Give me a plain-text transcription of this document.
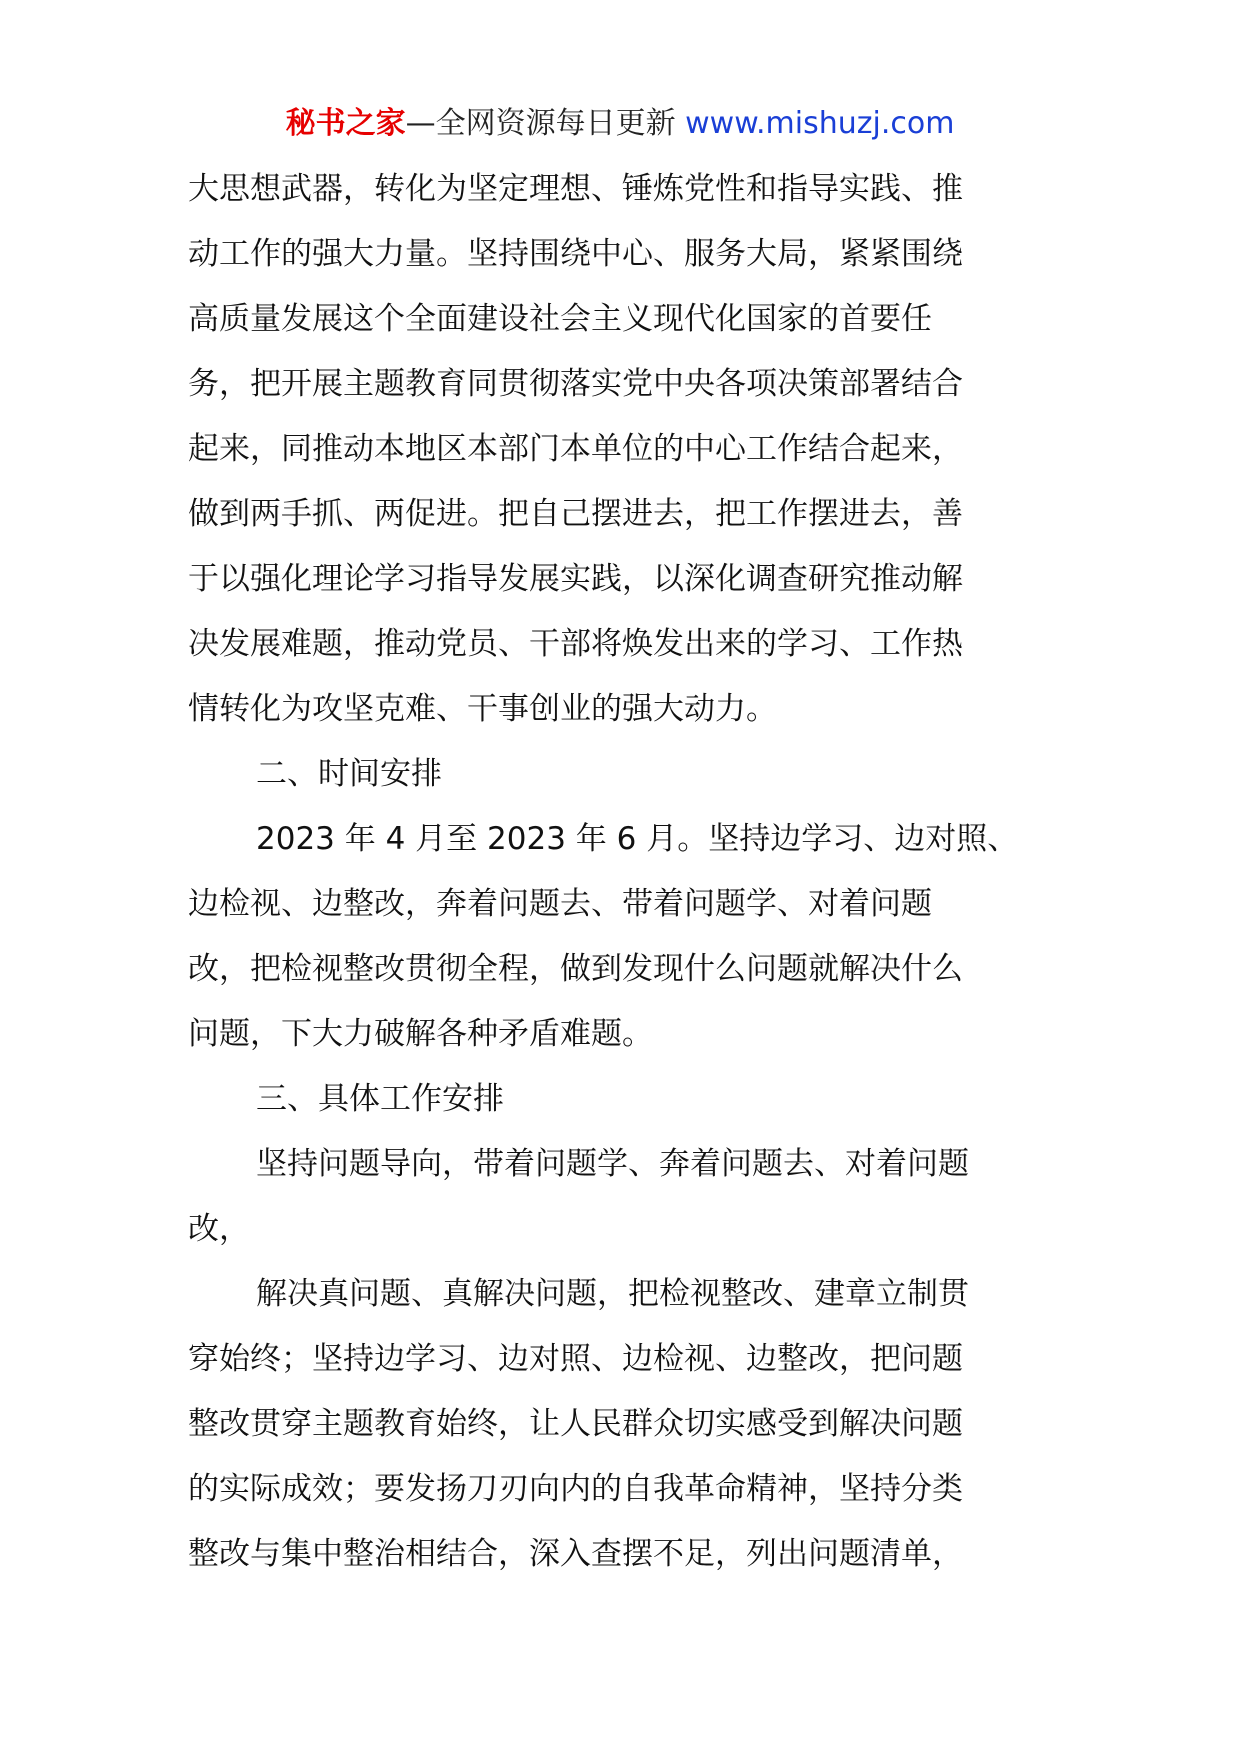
秘书之家—全网资源每日更新 www.mishuzj.com
大思想武器，转化为坚定理想、锤炼党性和指导实践、推
动工作的强大力量。坚持围绕中心、服务大局，紧紧围绕
高质量发展这个全面建设社会主义现代化国家的首要任
务，把开展主题教育同贯彻落实党中央各项决策部署结合
起来，同推动本地区本部门本单位的中心工作结合起来，
做到两手抓、两促进。把自己摆进去，把工作摆进去，善
于以强化理论学习指导发展实践，以深化调查研究推动解
决发展难题，推动党员、干部将焕发出来的学习、工作热
情转化为攻坚克难、干事创业的强大动力。
二、时间安排
2023 年 4 月至 2023 年 6 月。坚持边学习、边对照、
边检视、边整改，奔着问题去、带着问题学、对着问题
改，把检视整改贯彻全程，做到发现什么问题就解决什么
问题，下大力破解各种矛盾难题。
三、具体工作安排
坚持问题导向，带着问题学、奔着问题去、对着问题
改，
解决真问题、真解决问题，把检视整改、建章立制贯
穿始终；坚持边学习、边对照、边检视、边整改，把问题
整改贯穿主题教育始终，让人民群众切实感受到解决问题
的实际成效；要发扬刀刃向内的自我革命精神，坚持分类
整改与集中整治相结合，深入查摆不足，列出问题清单，
